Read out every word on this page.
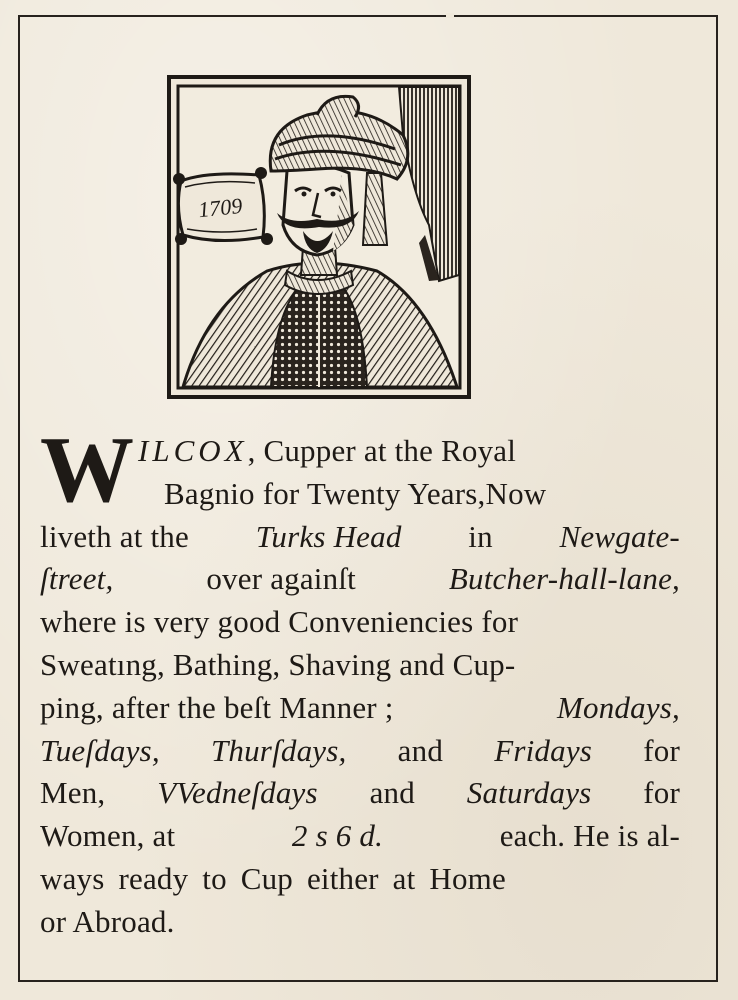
1709
W ILCOX, Cupper at the Royal
Bagnio for Twenty Years,Now
liveth at the Turks Head in Newgate-
ſtreet,	over againſt	Butcher-hall-lane,
where is very good Conveniencies for
Sweatıng, Bathing, Shaving and Cup-
ping, after the beſt Manner ;	Mondays,
Tueſdays, Thurſdays, and Fridays for
Men, VVedneſdays and Saturdays for
Women, at	2 s 6 d.	each. He is al-
ways ready to Cup either at Home
or Abroad.
